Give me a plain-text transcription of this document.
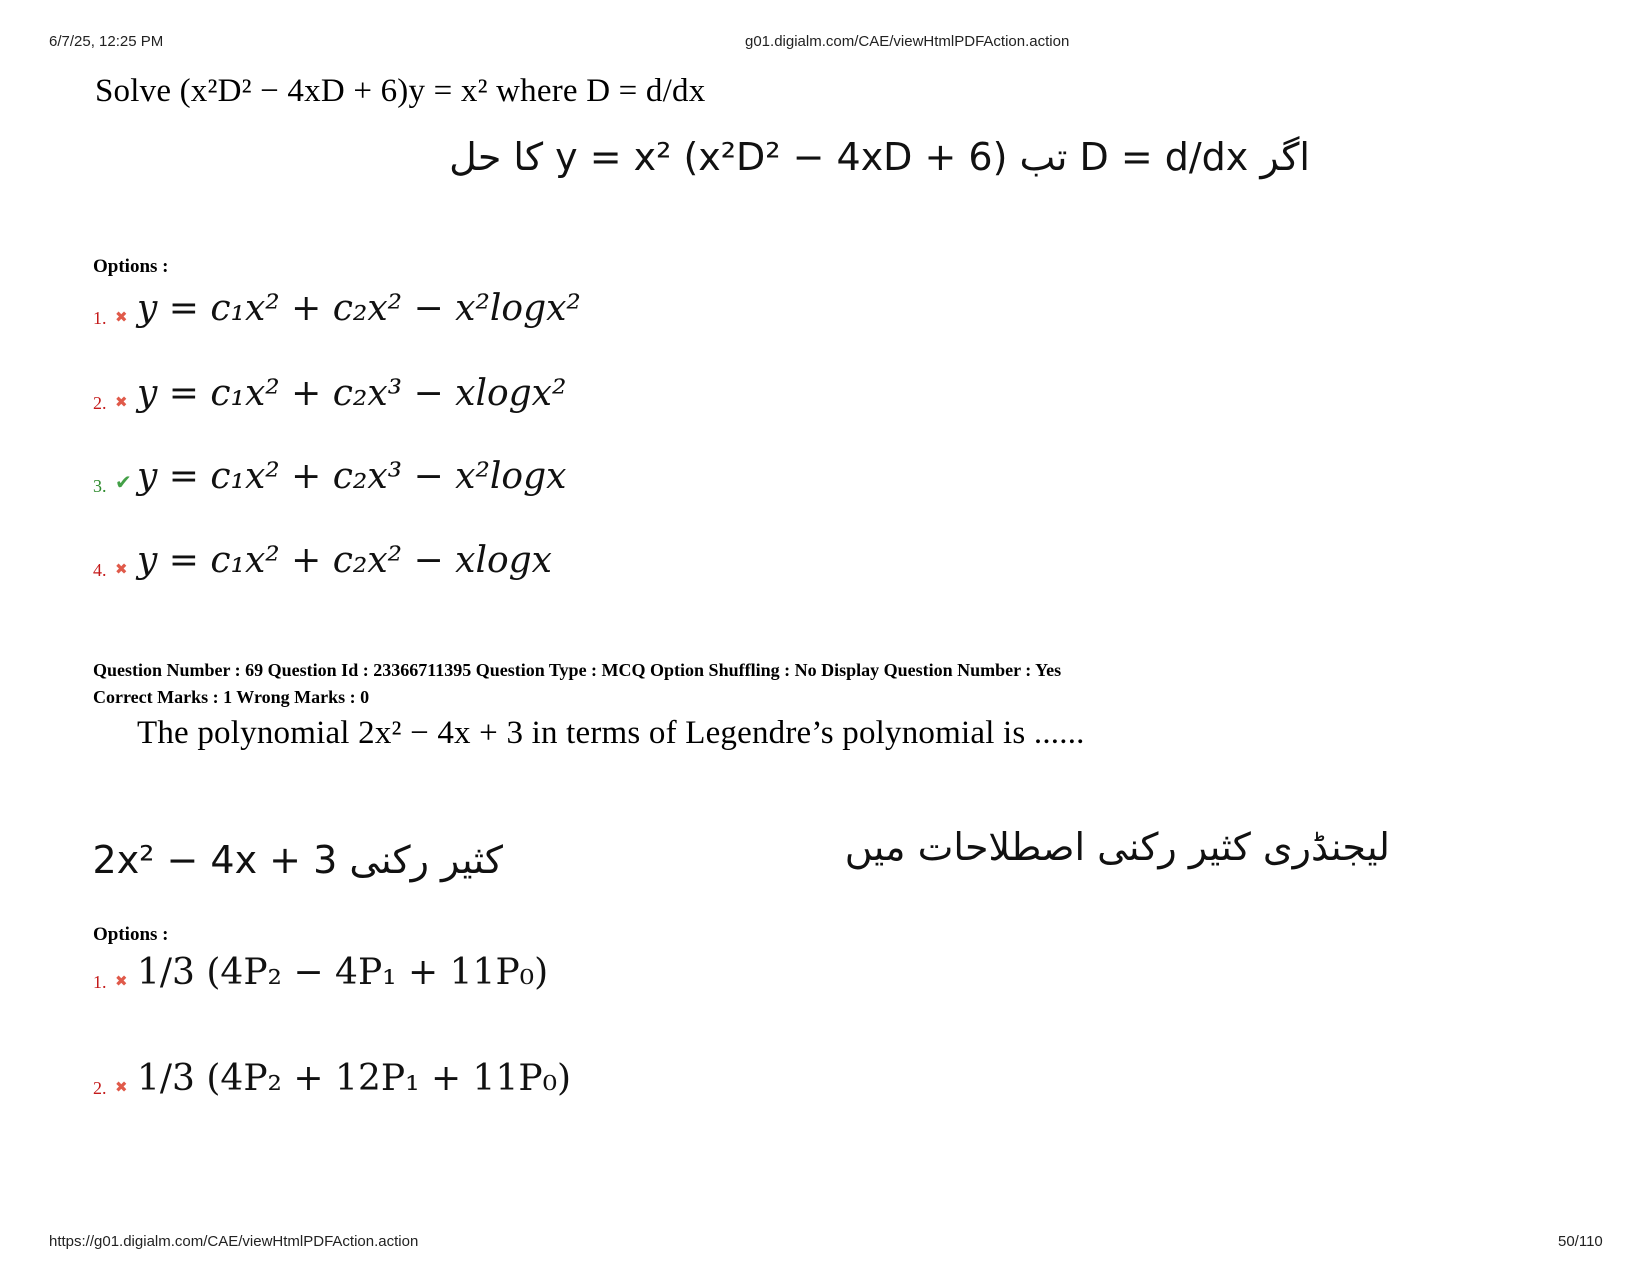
6/7/25, 12:25 PM	g01.digialm.com/CAE/viewHtmlPDFAction.action
Solve (x²D² − 4xD + 6)y = x² where D = d/dx
اگر D = d/dx تب (x²D² − 4xD + 6) y = x² کا حل
Options :
1. ✖ y = c₁x² + c₂x² − x²logx²
2. ✖ y = c₁x² + c₂x³ − xlogx²
3. ✔ y = c₁x² + c₂x³ − x²logx
4. ✖ y = c₁x² + c₂x² − xlogx
Question Number : 69 Question Id : 23366711395 Question Type : MCQ Option Shuffling : No Display Question Number : Yes
Correct Marks : 1 Wrong Marks : 0
The polynomial 2x² − 4x + 3 in terms of Legendre’s polynomial is ......
کثیر رکنی 2x² − 4x + 3	لیجنڈری کثیر رکنی اصطلاحات میں
Options :
1. ✖ 1/3 (4P₂ − 4P₁ + 11P₀)
2. ✖ 1/3 (4P₂ + 12P₁ + 11P₀)
https://g01.digialm.com/CAE/viewHtmlPDFAction.action	50/110
